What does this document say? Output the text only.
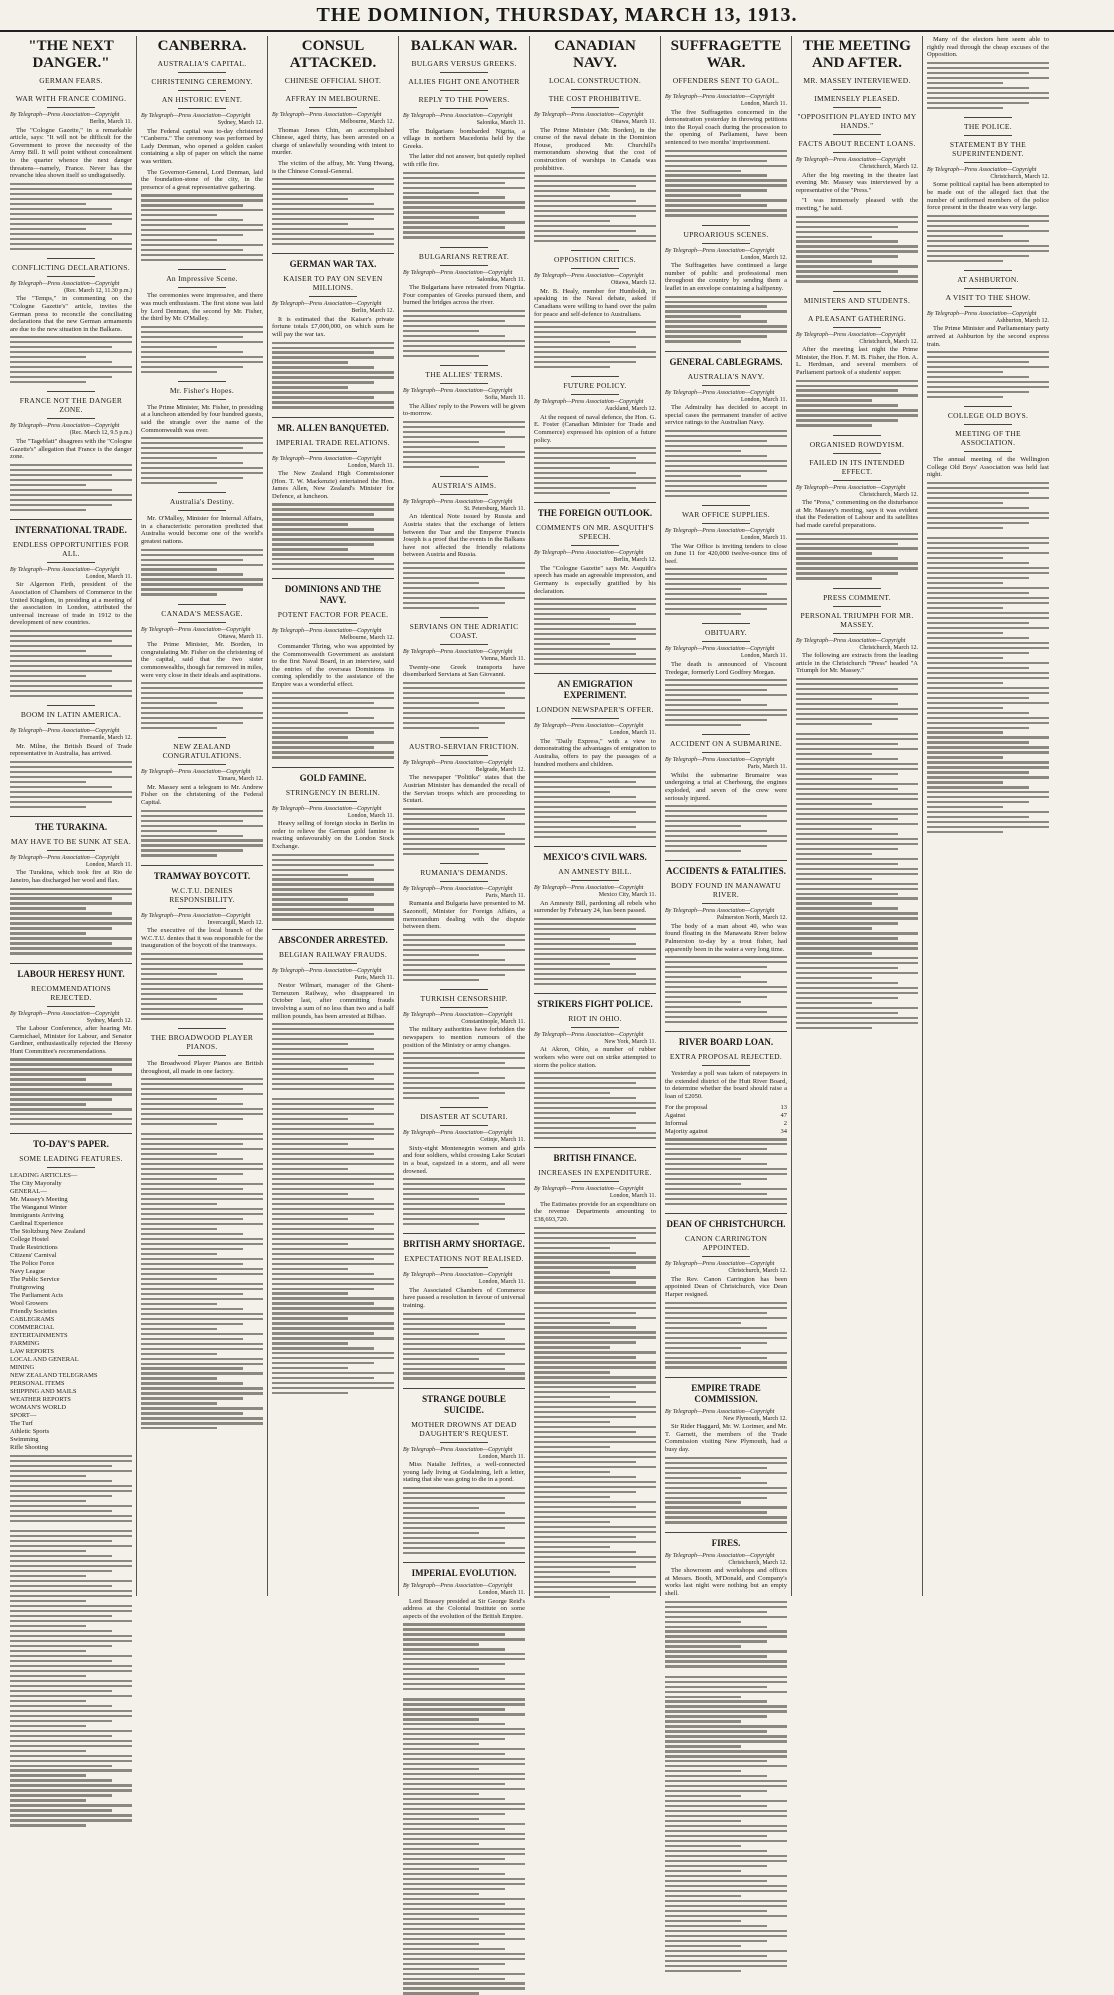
THE DOMINION, THURSDAY, MARCH 13, 1913.
"THE NEXT DANGER."
GERMAN FEARS.
WAR WITH FRANCE COMING.
By Telegraph—Press Association—Copyright
Berlin, March 11.

The "Cologne Gazette," in a remarkable article, says: "It will not be difficult for the Government to prove the necessity of the Army Bill. It will point without concealment to the quarter whence the next danger threatens—namely, France. Never has the revanche idea shown itself so undisguisedly.

CONFLICTING DECLARATIONS.
By Telegraph—Press Association—Copyright
(Rec. March 12, 11.30 p.m.)

The "Temps," in commenting on the "Cologne Gazette's" article, invites the German press to reconcile the conciliating declarations that the new German armaments are due to the new situation in the Balkans.

FRANCE NOT THE DANGER ZONE.
By Telegraph—Press Association—Copyright
(Rec. March 12, 9.5 p.m.)

The "Tageblatt" disagrees with the "Cologne Gazette's" allegation that France is the danger zone.

INTERNATIONAL TRADE.
ENDLESS OPPORTUNITIES FOR ALL.
By Telegraph—Press Association—Copyright
London, March 11.

Sir Algernon Firth, president of the Association of Chambers of Commerce in the United Kingdom, in presiding at a meeting of the association in London, attributed the universal increase of trade in 1912 to the development of new countries.

BOOM IN LATIN AMERICA.
By Telegraph—Press Association—Copyright
Fremantle, March 12.

Mr. Milne, the British Board of Trade representative in Australia, has arrived.

THE TURAKINA.
MAY HAVE TO BE SUNK AT SEA.
By Telegraph—Press Association—Copyright
London, March 11.

The Turakina, which took fire at Rio de Janeiro, has discharged her wool and flax.

LABOUR HERESY HUNT.
RECOMMENDATIONS REJECTED.
By Telegraph—Press Association—Copyright
Sydney, March 12.

The Labour Conference, after hearing Mr. Carmichael, Minister for Labour, and Senator Gardiner, enthusiastically rejected the Heresy Hunt Committee's recommendations.

TO-DAY'S PAPER.
SOME LEADING FEATURES.
LEADING ARTICLES—
The City Mayoralty
GENERAL—
Mr. Massey's Meeting
The Wanganui Winter
Immigrants Arriving
Cardinal Experience
The Stoltzburg New Zealand
College Hostel
Trade Restrictions
Citizens' Carnival
The Police Force
Navy League
The Public Service
Fruitgrowing
The Parliament Acts
Wool Growers
Friendly Societies
CABLEGRAMS
COMMERCIAL
ENTERTAINMENTS
FARMING
LAW REPORTS
LOCAL AND GENERAL
MINING
NEW ZEALAND TELEGRAMS
PERSONAL ITEMS
SHIPPING AND MAILS
WEATHER REPORTS
WOMAN'S WORLD
SPORT—
The Turf
Athletic Sports
Swimming
Rifle Shooting
CANBERRA.
AUSTRALIA'S CAPITAL.
CHRISTENING CEREMONY.
AN HISTORIC EVENT.
By Telegraph—Press Association—Copyright
Sydney, March 12.

The Federal capital was to-day christened "Canberra." The ceremony was performed by Lady Denman, who opened a golden casket containing a slip of paper on which the name was written.

The Governor-General, Lord Denman, laid the foundation-stone of the city, in the presence of a great representative gathering.

An Impressive Scene.

The ceremonies were impressive, and there was much enthusiasm. The first stone was laid by Lord Denman, the second by Mr. Fisher, the third by Mr. O'Malley.

Mr. Fisher's Hopes.

The Prime Minister, Mr. Fisher, in presiding at a luncheon attended by four hundred guests, said the strangle over the name of the Commonwealth was over.

Australia's Destiny.

Mr. O'Malley, Minister for Internal Affairs, in a characteristic peroration predicted that Australia would become one of the world's greatest nations.

CANADA'S MESSAGE.
By Telegraph—Press Association—Copyright
Ottawa, March 11.

The Prime Minister, Mr. Borden, in congratulating Mr. Fisher on the christening of the capital, said that the two sister commonwealths, though far removed in miles, were very close in their ideals and aspirations.

NEW ZEALAND CONGRATULATIONS.
By Telegraph—Press Association—Copyright
Timaru, March 12.

Mr. Massey sent a telegram to Mr. Andrew Fisher on the christening of the Federal Capital.

TRAMWAY BOYCOTT.
W.C.T.U. DENIES RESPONSIBILITY.
By Telegraph—Press Association—Copyright
Invercargill, March 12.

The executive of the local branch of the W.C.T.U. denies that it was responsible for the inauguration of the boycott of the tramways.

THE BROADWOOD PLAYER PIANOS.

The Broadwood Player Pianos are British throughout, all made in one factory.

CONSUL ATTACKED.
CHINESE OFFICIAL SHOT.
AFFRAY IN MELBOURNE.
By Telegraph—Press Association—Copyright
Melbourne, March 12.

Thomas Jones Chin, an accomplished Chinese, aged thirty, has been arrested on a charge of unlawfully wounding with intent to murder.

The victim of the affray, Mr. Yung Hwang, is the Chinese Consul-General.

GERMAN WAR TAX.
KAISER TO PAY ON SEVEN MILLIONS.
By Telegraph—Press Association—Copyright
Berlin, March 12.

It is estimated that the Kaiser's private fortune totals £7,000,000, on which sum he will pay the war tax.

MR. ALLEN BANQUETED.
IMPERIAL TRADE RELATIONS.
By Telegraph—Press Association—Copyright
London, March 11.

The New Zealand High Commissioner (Hon. T. W. Mackenzie) entertained the Hon. James Allen, New Zealand's Minister for Defence, at luncheon.

DOMINIONS AND THE NAVY.
POTENT FACTOR FOR PEACE.
By Telegraph—Press Association—Copyright
Melbourne, March 12.

Commander Thring, who was appointed by the Commonwealth Government as assistant to the first Naval Board, in an interview, said the entries of the overseas Dominions in coming splendidly to the assistance of the Empire was a wonderful effect.

GOLD FAMINE.
STRINGENCY IN BERLIN.
By Telegraph—Press Association—Copyright
London, March 11.

Heavy selling of foreign stocks in Berlin in order to relieve the German gold famine is reacting unfavourably on the London Stock Exchange.

ABSCONDER ARRESTED.
BELGIAN RAILWAY FRAUDS.
By Telegraph—Press Association—Copyright
Paris, March 11.

Nestor Wilmart, manager of the Ghent-Terneuzen Railway, who disappeared in October last, after committing frauds involving a sum of no less than two and a half million pounds, has been arrested at Bilbao.

BALKAN WAR.
BULGARS VERSUS GREEKS.
ALLIES FIGHT ONE ANOTHER
REPLY TO THE POWERS.
By Telegraph—Press Association—Copyright
Salonika, March 11.

The Bulgarians bombarded Nigrita, a village in northern Macedonia held by the Greeks.

The latter did not answer, but quietly replied with rifle fire.

BULGARIANS RETREAT.
By Telegraph—Press Association—Copyright
Salonika, March 11.

The Bulgarians have retreated from Nigrita. Four companies of Greeks pursued them, and burned the bridges across the river.

THE ALLIES' TERMS.
By Telegraph—Press Association—Copyright
Sofia, March 11.

The Allies' reply to the Powers will be given to-morrow.

AUSTRIA'S AIMS.
By Telegraph—Press Association—Copyright
St. Petersburg, March 11.

An identical Note issued by Russia and Austria states that the exchange of letters between the Tsar and the Emperor Francis Joseph is a proof that the events in the Balkans have not affected the friendly relations between Austria and Russia.

SERVIANS ON THE ADRIATIC COAST.
By Telegraph—Press Association—Copyright
Vienna, March 11.

Twenty-one Greek transports have disembarked Servians at San Giovanni.

AUSTRO-SERVIAN FRICTION.
By Telegraph—Press Association—Copyright
Belgrade, March 12.

The newspaper "Politika" states that the Austrian Minister has demanded the recall of the Servian troops which are proceeding to Scutari.

RUMANIA'S DEMANDS.
By Telegraph—Press Association—Copyright
Paris, March 11.

Rumania and Bulgaria have presented to M. Sazonoff, Minister for Foreign Affairs, a memorandum dealing with the dispute between them.

TURKISH CENSORSHIP.
By Telegraph—Press Association—Copyright
Constantinople, March 11.

The military authorities have forbidden the newspapers to mention rumours of the position of the Ministry or army changes.

DISASTER AT SCUTARI.
By Telegraph—Press Association—Copyright
Cetinje, March 11.

Sixty-eight Montenegrin women and girls and four soldiers, whilst crossing Lake Scutari in a boat, capsized in a storm, and all were drowned.

BRITISH ARMY SHORTAGE.
EXPECTATIONS NOT REALISED.
By Telegraph—Press Association—Copyright
London, March 11.

The Associated Chambers of Commerce have passed a resolution in favour of universal training.

STRANGE DOUBLE SUICIDE.
MOTHER DROWNS AT DEAD DAUGHTER'S REQUEST.
By Telegraph—Press Association—Copyright
London, March 11.

Miss Natalie Jeffries, a well-connected young lady living at Godalming, left a letter, stating that she was going to die in a pond.

IMPERIAL EVOLUTION.
By Telegraph—Press Association—Copyright
London, March 11.

Lord Brassey presided at Sir George Reid's address at the Colonial Institute on some aspects of the evolution of the British Empire.

CANADIAN NAVY.
LOCAL CONSTRUCTION.
THE COST PROHIBITIVE.
By Telegraph—Press Association—Copyright
Ottawa, March 11.

The Prime Minister (Mr. Borden), in the course of the naval debate in the Dominion House, produced Mr. Churchill's memorandum showing that the cost of construction of warships in Canada was prohibitive.

OPPOSITION CRITICS.
By Telegraph—Press Association—Copyright
Ottawa, March 12.

Mr. B. Healy, member for Humboldt, in speaking in the Naval debate, asked if Canadians were willing to hand over the palm for peace and self-defence to Australians.

FUTURE POLICY.
By Telegraph—Press Association—Copyright
Auckland, March 12.

At the request of naval defence, the Hon. G. E. Foster (Canadian Minister for Trade and Commerce) expressed his opinion of a future policy.

THE FOREIGN OUTLOOK.
COMMENTS ON MR. ASQUITH'S SPEECH.
By Telegraph—Press Association—Copyright
Berlin, March 12.

The "Cologne Gazette" says Mr. Asquith's speech has made an agreeable impression, and Germany is especially gratified by his declaration.

AN EMIGRATION EXPERIMENT.
LONDON NEWSPAPER'S OFFER.
By Telegraph—Press Association—Copyright
London, March 11.

The "Daily Express," with a view to demonstrating the advantages of emigration to Australia, offers to pay the passages of a hundred mothers and children.

MEXICO'S CIVIL WARS.
AN AMNESTY BILL.
By Telegraph—Press Association—Copyright
Mexico City, March 11.

An Amnesty Bill, pardoning all rebels who surrender by February 24, has been passed.

STRIKERS FIGHT POLICE.
RIOT IN OHIO.
By Telegraph—Press Association—Copyright
New York, March 11.

At Akron, Ohio, a number of rubber workers who were out on strike attempted to storm the police station.

BRITISH FINANCE.
INCREASES IN EXPENDITURE.
By Telegraph—Press Association—Copyright
London, March 11.

The Estimates provide for an expenditure on the revenue Departments amounting to £38,693,720.

SUFFRAGETTE WAR.
OFFENDERS SENT TO GAOL.
By Telegraph—Press Association—Copyright
London, March 11.

The five Suffragettes concerned in the demonstration yesterday in throwing petitions into the Royal coach during the procession to the opening of Parliament, have been sentenced to two months' imprisonment.

UPROARIOUS SCENES.
By Telegraph—Press Association—Copyright
London, March 12.

The Suffragettes have continued a large number of public and professional men throughout the country by sending them a leaflet in an envelope containing a halfpenny.

GENERAL CABLEGRAMS.
AUSTRALIA'S NAVY.
By Telegraph—Press Association—Copyright
London, March 11.

The Admiralty has decided to accept in special cases the permanent transfer of active service ratings to the Australian Navy.

WAR OFFICE SUPPLIES.
By Telegraph—Press Association—Copyright
London, March 11.

The War Office is inviting tenders to close on June 11 for 420,000 twelve-ounce tins of beef.

OBITUARY.
By Telegraph—Press Association—Copyright
London, March 11.

The death is announced of Viscount Tredegar, formerly Lord Godfrey Morgan.

ACCIDENT ON A SUBMARINE.
By Telegraph—Press Association—Copyright
Paris, March 11.

Whilst the submarine Brumaire was undergoing a trial at Cherbourg, the engines exploded, and seven of the crew were seriously injured.

ACCIDENTS & FATALITIES.
BODY FOUND IN MANAWATU RIVER.
By Telegraph—Press Association—Copyright
Palmerston North, March 12.

The body of a man about 40, who was found floating in the Manawatu River below Palmerston to-day by a trout fisher, had apparently been in the water a very long time.

RIVER BOARD LOAN.
EXTRA PROPOSAL REJECTED.

Yesterday a poll was taken of ratepayers in the extended district of the Hutt River Board, to determine whether the board should raise a loan of £2050.

For the proposal	13
Against	47
Informal	2
Majority against	34
DEAN OF CHRISTCHURCH.
CANON CARRINGTON APPOINTED.
By Telegraph—Press Association—Copyright
Christchurch, March 12.

The Rev. Canon Carrington has been appointed Dean of Christchurch, vice Dean Harper resigned.

EMPIRE TRADE COMMISSION.
By Telegraph—Press Association—Copyright
New Plymouth, March 12.

Sir Rider Haggard, Mr. W. Lorimer, and Mr. T. Garnett, the members of the Trade Commission visiting New Plymouth, had a busy day.

FIRES.
By Telegraph—Press Association—Copyright
Christchurch, March 12.

The showroom and workshops and offices at Messrs. Booth, M'Donald, and Company's works last night were nothing but an empty shell.

THE MEETING AND AFTER.
MR. MASSEY INTERVIEWED.
IMMENSELY PLEASED.
"OPPOSITION PLAYED INTO MY HANDS."
FACTS ABOUT RECENT LOANS.
By Telegraph—Press Association—Copyright
Christchurch, March 12.

After the big meeting in the theatre last evening Mr. Massey was interviewed by a representative of the "Press."

"I was immensely pleased with the meeting," he said.

MINISTERS AND STUDENTS.
A PLEASANT GATHERING.
By Telegraph—Press Association—Copyright
Christchurch, March 12.

After the meeting last night the Prime Minister, the Hon. F. M. B. Fisher, the Hon. A. L. Herdman, and several members of Parliament partook of a students' supper.

ORGANISED ROWDYISM.
FAILED IN ITS INTENDED EFFECT.
By Telegraph—Press Association—Copyright
Christchurch, March 12.

The "Press," commenting on the disturbance at Mr. Massey's meeting, says it was evident that the Federation of Labour and its satellites had made careful preparations.

PRESS COMMENT.
PERSONAL TRIUMPH FOR MR. MASSEY.
By Telegraph—Press Association—Copyright
Christchurch, March 12.

The following are extracts from the leading article in the Christchurch "Press" headed "A Triumph for Mr. Massey."

Many of the electors here seem able to rightly read through the cheap excuses of the Opposition.

THE POLICE.
STATEMENT BY THE SUPERINTENDENT.
By Telegraph—Press Association—Copyright
Christchurch, March 12.

Some political capital has been attempted to be made out of the alleged fact that the number of uniformed members of the police force present in the theatre was very large.

AT ASHBURTON.
A VISIT TO THE SHOW.
By Telegraph—Press Association—Copyright
Ashburton, March 12.

The Prime Minister and Parliamentary party arrived at Ashburton by the second express train.

COLLEGE OLD BOYS.
MEETING OF THE ASSOCIATION.

The annual meeting of the Wellington College Old Boys' Association was held last night.
